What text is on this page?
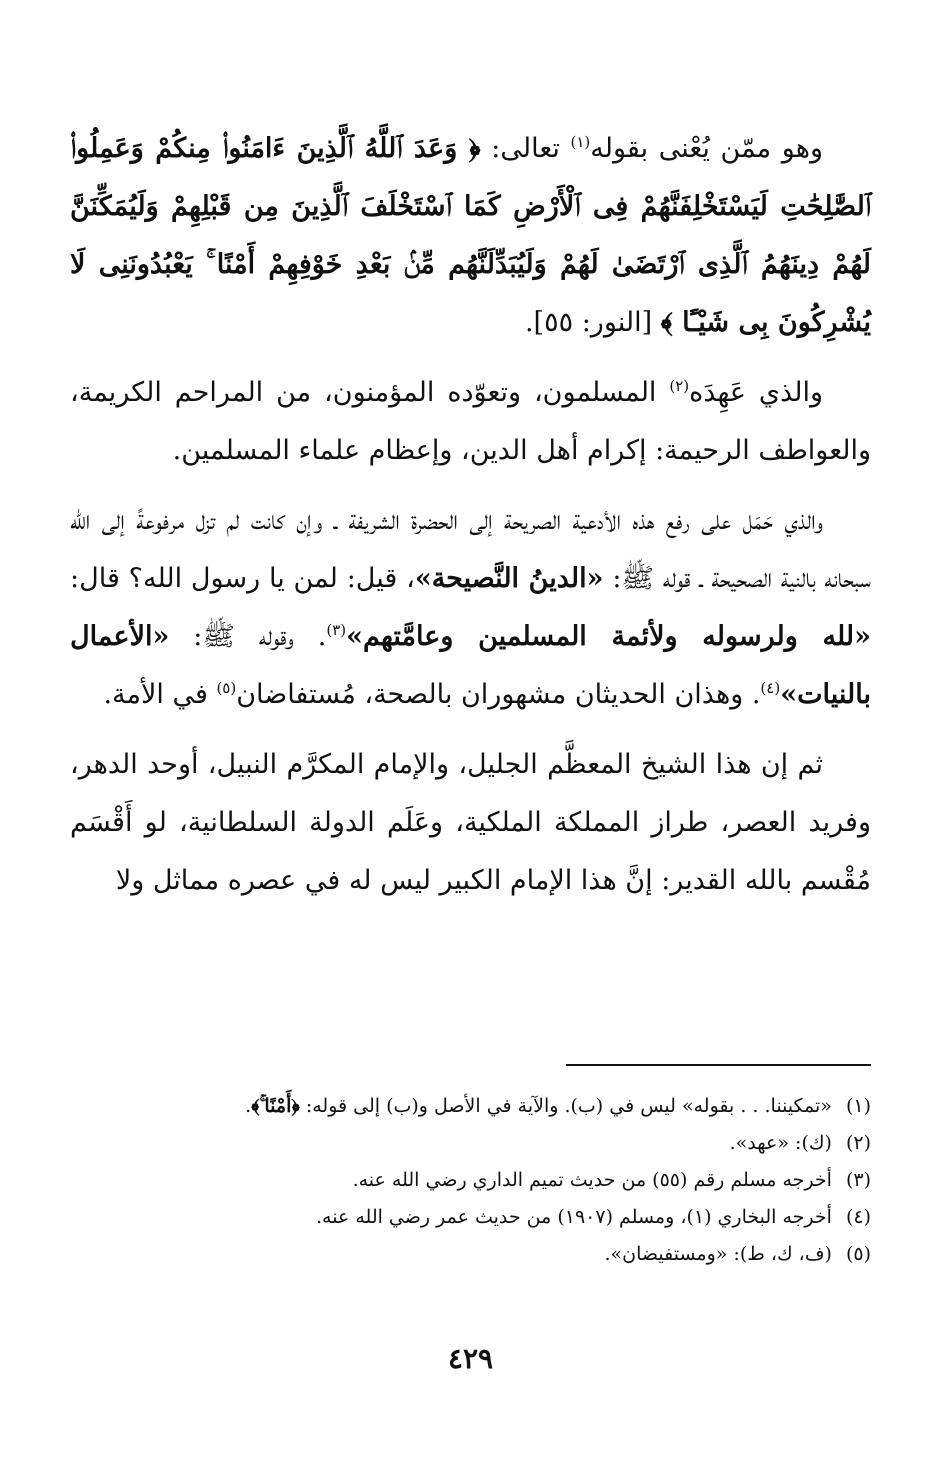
وهو ممّن يُعْنى بقوله$^{(١)}$ تعالى: ﴿ وَعَدَ ٱللَّهُ ٱلَّذِينَ ءَامَنُوا۟ مِنكُمْ وَعَمِلُوا۟ ٱلصَّٰلِحَٰتِ لَيَسْتَخْلِفَنَّهُمْ فِى ٱلْأَرْضِ كَمَا ٱسْتَخْلَفَ ٱلَّذِينَ مِن قَبْلِهِمْ وَلَيُمَكِّنَنَّ لَهُمْ دِينَهُمُ ٱلَّذِى ٱرْتَضَىٰ لَهُمْ وَلَيُبَدِّلَنَّهُم مِّنۢ بَعْدِ خَوْفِهِمْ أَمْنًا ۚ يَعْبُدُونَنِى لَا يُشْرِكُونَ بِى شَيْـًٔا ﴾ [النور: ٥٥].

والذي عَهِدَه$^{(٢)}$ المسلمون، وتعوّده المؤمنون، من المراحم الكريمة، والعواطف الرحيمة: إكرام أهل الدين، وإعظام علماء المسلمين.

والذي حَمَل على رفع هذه الأدعية الصريحة إلى الحضرة الشريفة ـ وإن كانت لم تزل مرفوعةً إلى الله سبحانه بالنية الصحيحة ـ قوله ﷺ: «الدينُ النَّصيحة»، قيل: لمن يا رسول الله؟ قال: «لله ولرسوله ولأئمة المسلمين وعامَّتهم»$^{(٣)}$. وقوله ﷺ: «الأعمال بالنيات»$^{(٤)}$. وهذان الحديثان مشهوران بالصحة، مُستفاضان$^{(٥)}$ في الأمة.

ثم إن هذا الشيخ المعظَّم الجليل، والإمام المكرَّم النبيل، أوحد الدهر، وفريد العصر، طراز المملكة الملكية، وعَلَم الدولة السلطانية، لو أَقْسَم مُقْسم بالله القدير: إنَّ هذا الإمام الكبير ليس له في عصره مماثل ولا

(١)«تمكيننا. . . بقوله» ليس في (ب). والآية في الأصل و(ب) إلى قوله: ﴿أَمْنًا ۚ﴾.

(٢)(ك): «عهد».

(٣)أخرجه مسلم رقم (٥٥) من حديث تميم الداري رضي الله عنه.

(٤)أخرجه البخاري (١)، ومسلم (١٩٠٧) من حديث عمر رضي الله عنه.

(٥)(ف، ك، ط): «ومستفيضان».

٤٢٩
